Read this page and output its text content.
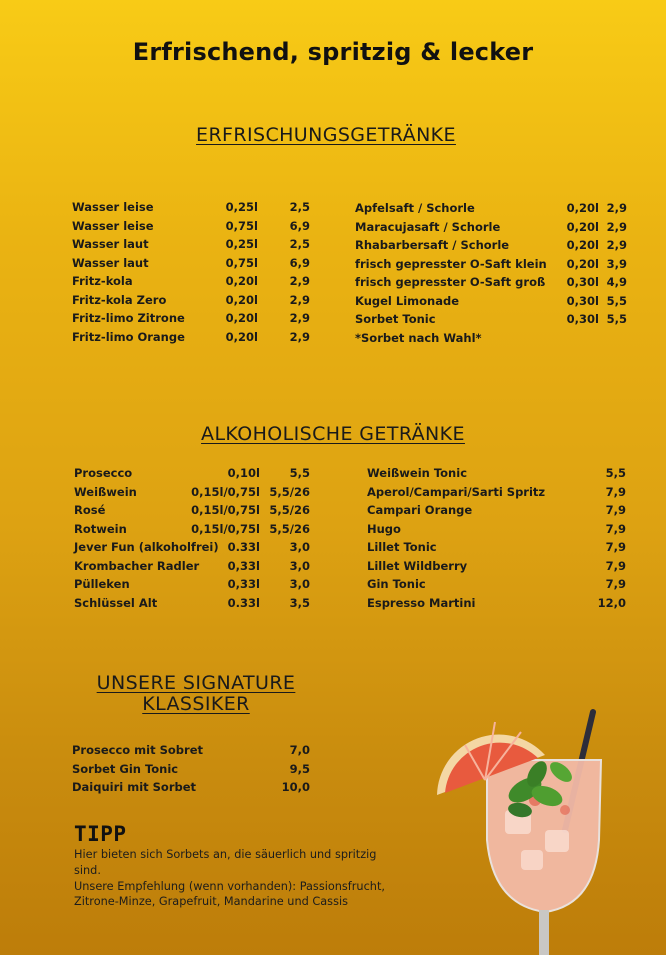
Erfrischend, spritzig & lecker
ERFRISCHUNGSGETRÄNKE
Wasser leise	0,25l	2,5
Wasser leise	0,75l	6,9
Wasser laut	0,25l	2,5
Wasser laut	0,75l	6,9
Fritz-kola	0,20l	2,9
Fritz-kola Zero	0,20l	2,9
Fritz-limo Zitrone	0,20l	2,9
Fritz-limo Orange	0,20l	2,9
Apfelsaft / Schorle	0,20l 2,9
Maracujasaft / Schorle	0,20l 2,9
Rhabarbersaft / Schorle	0,20l 2,9
frisch gepresster O-Saft klein 0,20l 3,9
frisch gepresster O-Saft groß 0,30l 4,9
Kugel Limonade	0,30l 5,5
Sorbet Tonic	0,30l 5,5
*Sorbet nach Wahl*
ALKOHOLISCHE GETRÄNKE
Prosecco	0,10l	5,5
Weißwein	0,15l/0,75l 5,5/26
Rosé	0,15l/0,75l 5,5/26
Rotwein	0,15l/0,75l 5,5/26
Jever Fun (alkoholfrei) 0.33l	3,0
Krombacher Radler 0,33l	3,0
Pülleken	0,33l	3,0
Schlüssel Alt	0.33l	3,5
Weißwein Tonic	5,5
Aperol/Campari/Sarti Spritz	7,9
Campari Orange	7,9
Hugo	7,9
Lillet Tonic	7,9
Lillet Wildberry	7,9
Gin Tonic	7,9
Espresso Martini	12,0
UNSERE SIGNATURE
KLASSIKER
Prosecco mit Sobret	7,0
Sorbet Gin Tonic	9,5
Daiquiri mit Sorbet	10,0
TIPP
Hier bieten sich Sorbets an, die säuerlich und spritzig sind.
Unsere Empfehlung (wenn vorhanden): Passionsfrucht, Zitrone-Minze, Grapefruit, Mandarine und Cassis
